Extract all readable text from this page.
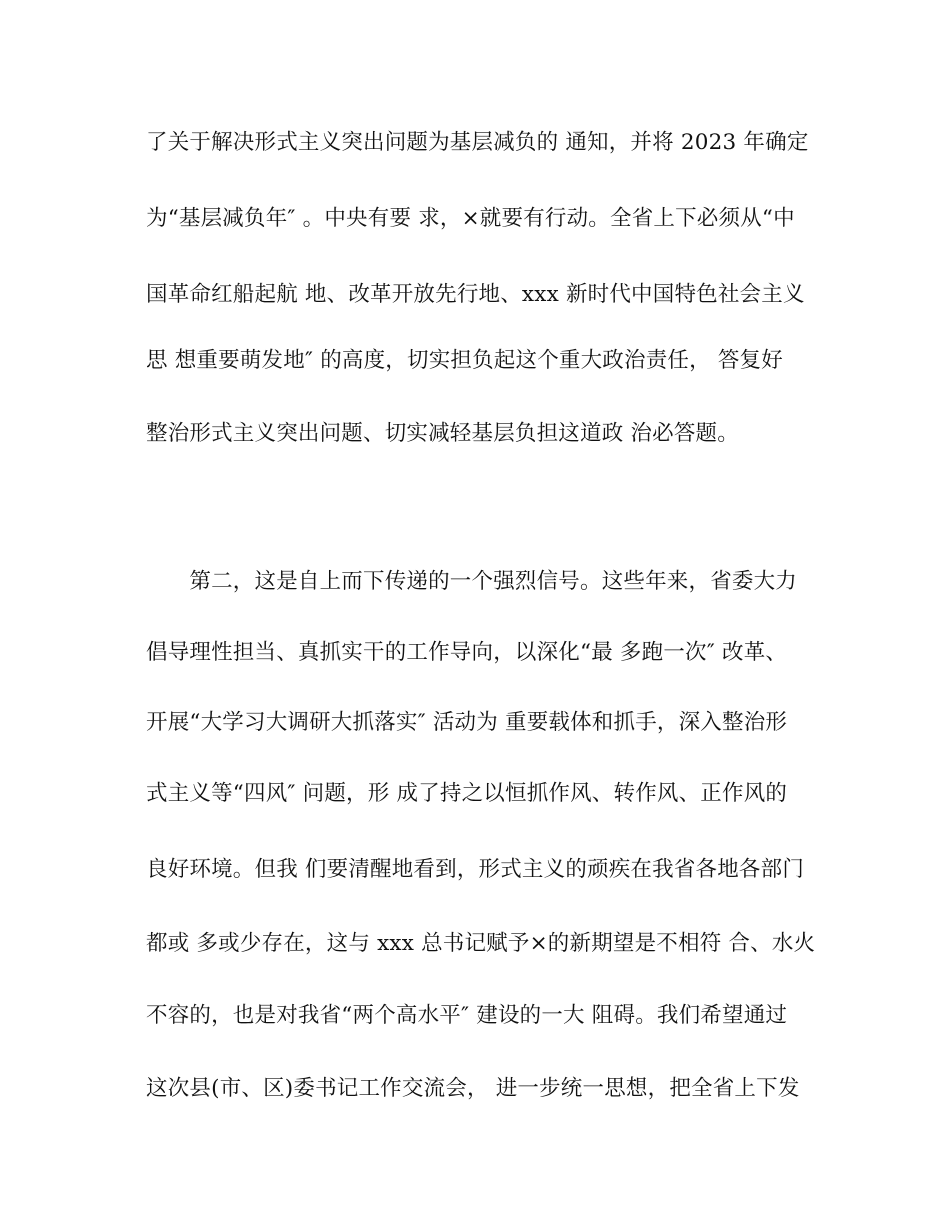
了关于解决形式主义突出问题为基层减负的 通知，并将 2023 年确定
为“基层减负年″ 。中央有要 求，×就要有行动。全省上下必须从“中
国革命红船起航 地、改革开放先行地、xxx 新时代中国特色社会主义
思 想重要萌发地″ 的高度，切实担负起这个重大政治责任， 答复好
整治形式主义突出问题、切实减轻基层负担这道政 治必答题。
　　第二，这是自上而下传递的一个强烈信号。这些年来，省委大力
倡导理性担当、真抓实干的工作导向，以深化“最 多跑一次″ 改革、
开展“大学习大调研大抓落实″ 活动为 重要载体和抓手，深入整治形
式主义等“四风″ 问题，形 成了持之以恒抓作风、转作风、正作风的
良好环境。但我 们要清醒地看到，形式主义的顽疾在我省各地各部门
都或 多或少存在，这与 xxx 总书记赋予×的新期望是不相符 合、水火
不容的，也是对我省“两个高水平″ 建设的一大 阻碍。我们希望通过
这次县(市、区)委书记工作交流会， 进一步统一思想，把全省上下发
